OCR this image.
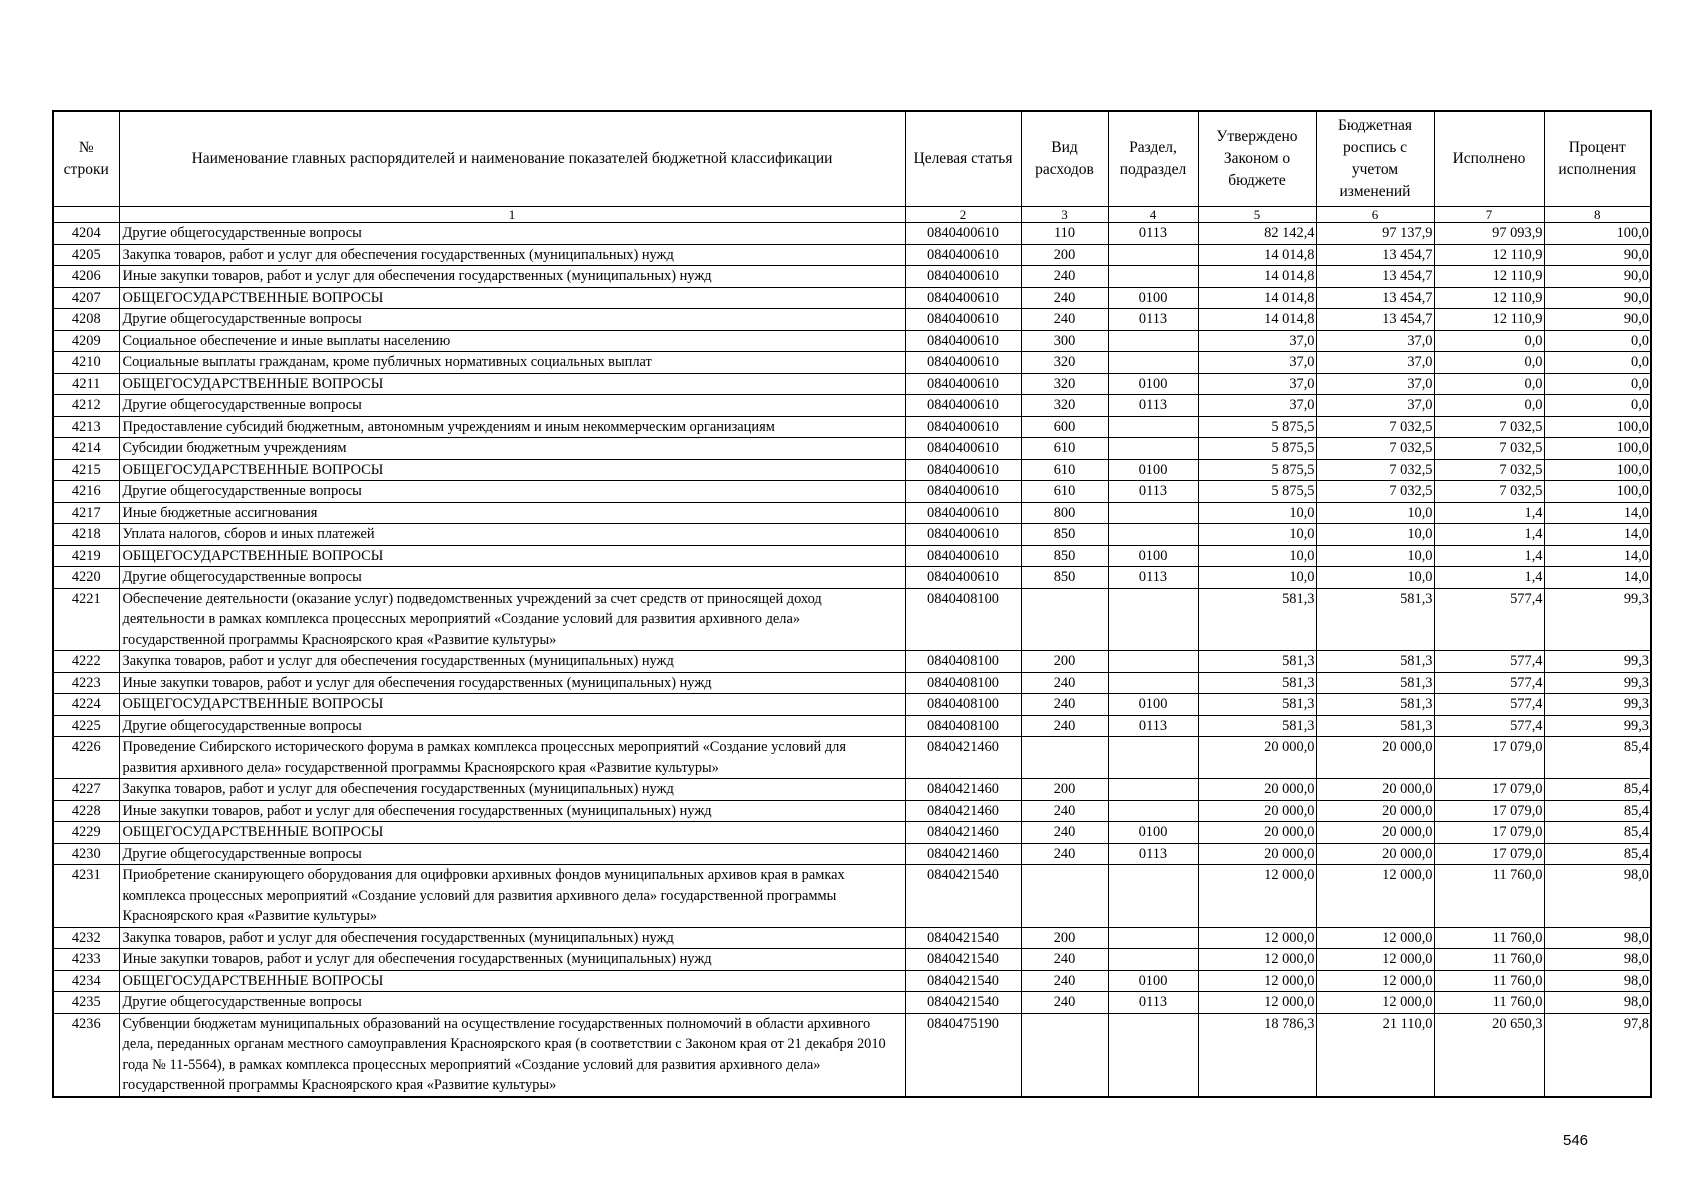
№ строки	Наименование главных распорядителей и наименование показателей бюджетной классификации	Целевая статья	Вид расходов	Раздел, подраздел	Утверждено Законом о бюджете	Бюджетная роспись с учетом изменений	Исполнено	Процент исполнения
	1	2	3	4	5	6	7	8
4204	Другие общегосударственные вопросы	0840400610	110	0113	82 142,4	97 137,9	97 093,9	100,0
4205	Закупка товаров, работ и услуг для обеспечения государственных (муниципальных) нужд	0840400610	200		14 014,8	13 454,7	12 110,9	90,0
4206	Иные закупки товаров, работ и услуг для обеспечения государственных (муниципальных) нужд	0840400610	240		14 014,8	13 454,7	12 110,9	90,0
4207	ОБЩЕГОСУДАРСТВЕННЫЕ ВОПРОСЫ	0840400610	240	0100	14 014,8	13 454,7	12 110,9	90,0
4208	Другие общегосударственные вопросы	0840400610	240	0113	14 014,8	13 454,7	12 110,9	90,0
4209	Социальное обеспечение и иные выплаты населению	0840400610	300		37,0	37,0	0,0	0,0
4210	Социальные выплаты гражданам, кроме публичных нормативных социальных выплат	0840400610	320		37,0	37,0	0,0	0,0
4211	ОБЩЕГОСУДАРСТВЕННЫЕ ВОПРОСЫ	0840400610	320	0100	37,0	37,0	0,0	0,0
4212	Другие общегосударственные вопросы	0840400610	320	0113	37,0	37,0	0,0	0,0
4213	Предоставление субсидий бюджетным, автономным учреждениям и иным некоммерческим организациям	0840400610	600		5 875,5	7 032,5	7 032,5	100,0
4214	Субсидии бюджетным учреждениям	0840400610	610		5 875,5	7 032,5	7 032,5	100,0
4215	ОБЩЕГОСУДАРСТВЕННЫЕ ВОПРОСЫ	0840400610	610	0100	5 875,5	7 032,5	7 032,5	100,0
4216	Другие общегосударственные вопросы	0840400610	610	0113	5 875,5	7 032,5	7 032,5	100,0
4217	Иные бюджетные ассигнования	0840400610	800		10,0	10,0	1,4	14,0
4218	Уплата налогов, сборов и иных платежей	0840400610	850		10,0	10,0	1,4	14,0
4219	ОБЩЕГОСУДАРСТВЕННЫЕ ВОПРОСЫ	0840400610	850	0100	10,0	10,0	1,4	14,0
4220	Другие общегосударственные вопросы	0840400610	850	0113	10,0	10,0	1,4	14,0
4221	Обеспечение деятельности (оказание услуг) подведомственных учреждений за счет средств от приносящей доход деятельности в рамках комплекса процессных мероприятий «Создание условий для развития архивного дела» государственной программы Красноярского края «Развитие культуры»	0840408100			581,3	581,3	577,4	99,3
4222	Закупка товаров, работ и услуг для обеспечения государственных (муниципальных) нужд	0840408100	200		581,3	581,3	577,4	99,3
4223	Иные закупки товаров, работ и услуг для обеспечения государственных (муниципальных) нужд	0840408100	240		581,3	581,3	577,4	99,3
4224	ОБЩЕГОСУДАРСТВЕННЫЕ ВОПРОСЫ	0840408100	240	0100	581,3	581,3	577,4	99,3
4225	Другие общегосударственные вопросы	0840408100	240	0113	581,3	581,3	577,4	99,3
4226	Проведение Сибирского исторического форума в рамках комплекса процессных мероприятий «Создание условий для развития архивного дела» государственной программы Красноярского края «Развитие культуры»	0840421460			20 000,0	20 000,0	17 079,0	85,4
4227	Закупка товаров, работ и услуг для обеспечения государственных (муниципальных) нужд	0840421460	200		20 000,0	20 000,0	17 079,0	85,4
4228	Иные закупки товаров, работ и услуг для обеспечения государственных (муниципальных) нужд	0840421460	240		20 000,0	20 000,0	17 079,0	85,4
4229	ОБЩЕГОСУДАРСТВЕННЫЕ ВОПРОСЫ	0840421460	240	0100	20 000,0	20 000,0	17 079,0	85,4
4230	Другие общегосударственные вопросы	0840421460	240	0113	20 000,0	20 000,0	17 079,0	85,4
4231	Приобретение сканирующего оборудования для оцифровки архивных фондов муниципальных архивов края в рамках комплекса процессных мероприятий «Создание условий для развития архивного дела» государственной программы Красноярского края «Развитие культуры»	0840421540			12 000,0	12 000,0	11 760,0	98,0
4232	Закупка товаров, работ и услуг для обеспечения государственных (муниципальных) нужд	0840421540	200		12 000,0	12 000,0	11 760,0	98,0
4233	Иные закупки товаров, работ и услуг для обеспечения государственных (муниципальных) нужд	0840421540	240		12 000,0	12 000,0	11 760,0	98,0
4234	ОБЩЕГОСУДАРСТВЕННЫЕ ВОПРОСЫ	0840421540	240	0100	12 000,0	12 000,0	11 760,0	98,0
4235	Другие общегосударственные вопросы	0840421540	240	0113	12 000,0	12 000,0	11 760,0	98,0
4236	Субвенции бюджетам муниципальных образований на осуществление государственных полномочий в области архивного дела, переданных органам местного самоуправления Красноярского края (в соответствии с Законом края от 21 декабря 2010 года № 11-5564), в рамках комплекса процессных мероприятий «Создание условий для развития архивного дела» государственной программы Красноярского края «Развитие культуры»	0840475190			18 786,3	21 110,0	20 650,3	97,8
546
